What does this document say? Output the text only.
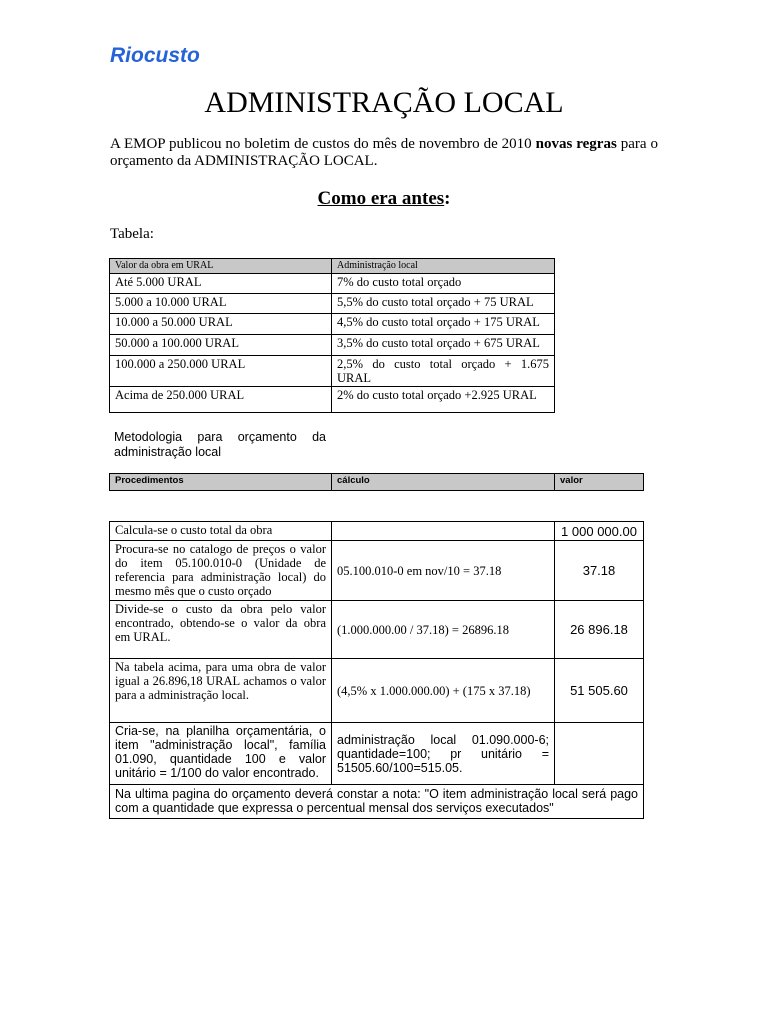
Riocusto
ADMINISTRAÇÃO LOCAL
A EMOP publicou no boletim de custos do mês de novembro de 2010 novas regras para o orçamento da ADMINISTRAÇÃO LOCAL.
Como era antes:
Tabela:
Valor da obra em URAL	Administração local
Até 5.000 URAL	7% do custo total orçado
5.000 a 10.000 URAL	5,5% do custo total orçado + 75 URAL
10.000 a 50.000 URAL	4,5% do custo total orçado + 175 URAL
50.000 a 100.000 URAL	3,5% do custo total orçado + 675 URAL
100.000 a 250.000 URAL	2,5% do custo total orçado + 1.675 URAL
Acima de 250.000 URAL	2% do custo total orçado +2.925 URAL
Metodologia para orçamento da administração local
Procedimentos	cálculo	valor
Calcula-se o custo total da obra		1 000 000.00
Procura-se no catalogo de preços o valor do item 05.100.010-0 (Unidade de referencia para administração local) do mesmo mês que o custo orçado	05.100.010-0 em nov/10 = 37.18	37.18
Divide-se o custo da obra pelo valor encontrado, obtendo-se o valor da obra em URAL.	(1.000.000.00 / 37.18) = 26896.18	26 896.18
Na tabela acima, para uma obra de valor igual a 26.896,18 URAL achamos o valor para a administração local.	(4,5% x 1.000.000.00) + (175 x 37.18)	51 505.60
Cria-se, na planilha orçamentária, o item "administração local", família 01.090, quantidade 100 e valor unitário = 1/100 do valor encontrado.	administração local 01.090.000-6; quantidade=100; pr unitário = 51505.60/100=515.05.	
Na ultima pagina do orçamento deverá constar a nota: "O item administração local será pago com a quantidade que expressa o percentual mensal dos serviços executados"		
